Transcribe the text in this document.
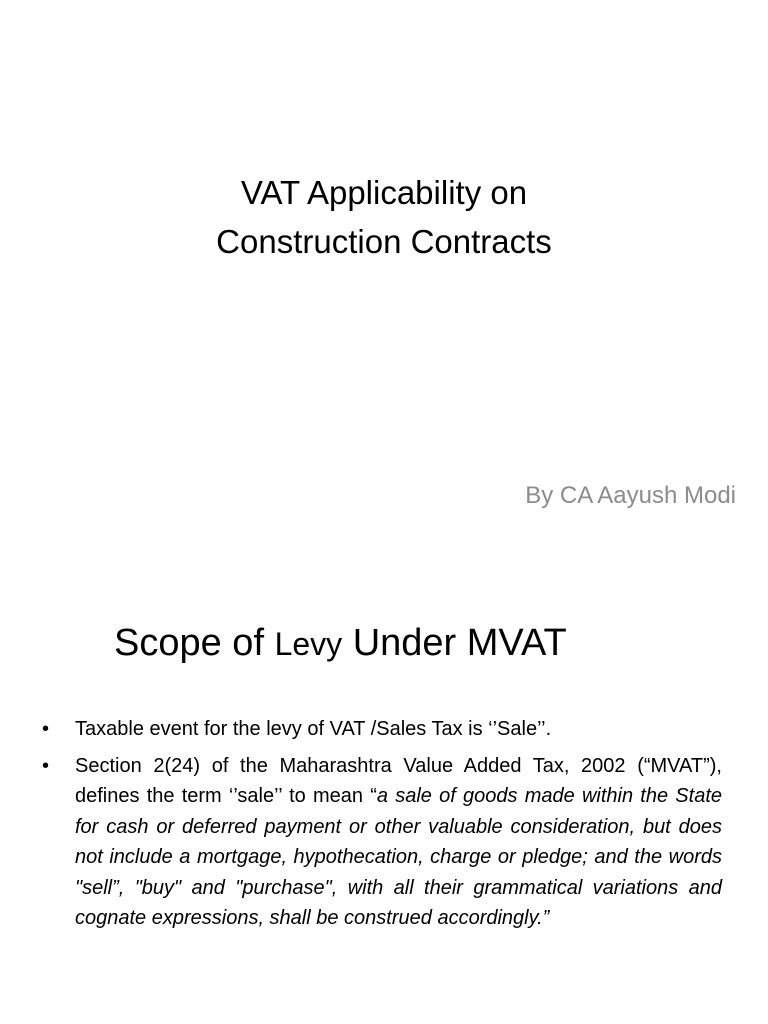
VAT Applicability on
Construction Contracts
By CA Aayush Modi
Scope of Levy Under MVAT
• Taxable event for the levy of VAT /Sales Tax is ‘’Sale’’.
• Section 2(24) of the Maharashtra Value Added Tax, 2002 (“MVAT”), defines the term ‘’sale’’ to mean “a sale of goods made within the State for cash or deferred payment or other valuable consideration, but does not include a mortgage, hypothecation, charge or pledge; and the words "sell”, "buy" and "purchase", with all their grammatical variations and cognate expressions, shall be construed accordingly.”
